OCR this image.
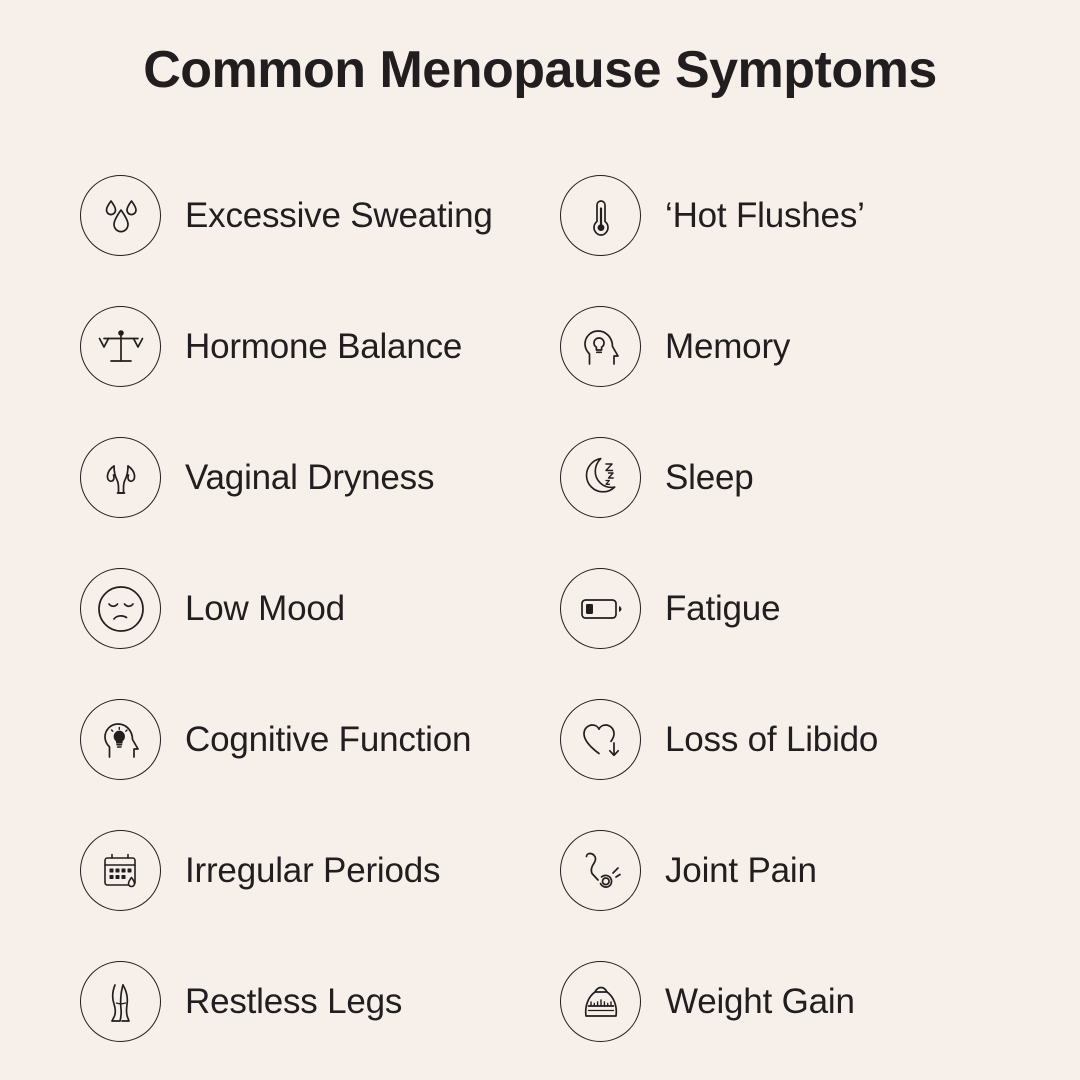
Common Menopause Symptoms
Excessive Sweating	‘Hot Flushes’
Hormone Balance	Memory
Vaginal Dryness	Sleep
Low Mood	Fatigue
Cognitive Function	Loss of Libido
Irregular Periods	Joint Pain
Restless Legs	Weight Gain
